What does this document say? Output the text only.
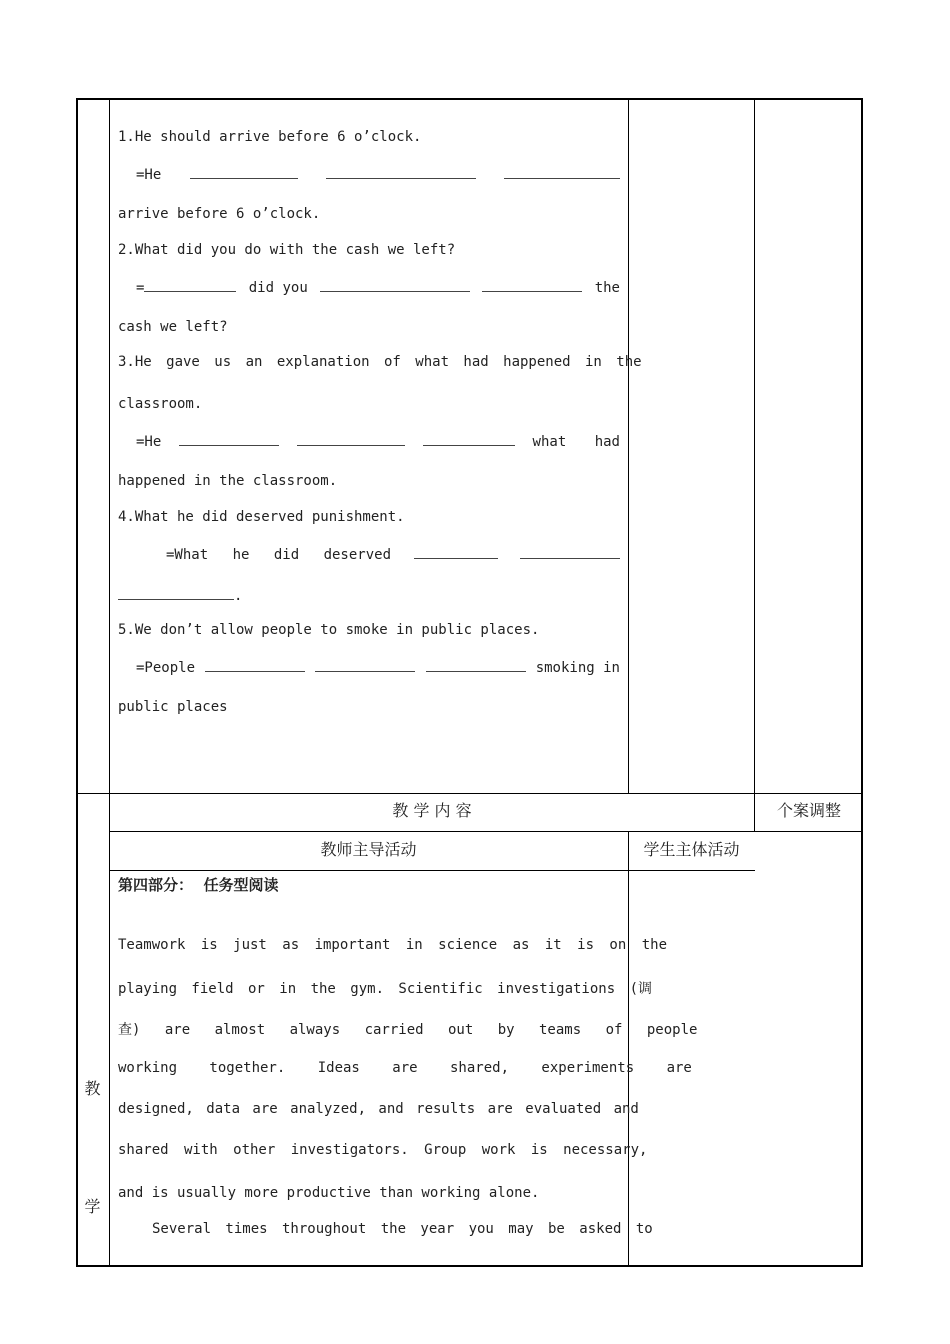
1.He should arrive before 6 o’clock.
=He
arrive before 6 o’clock.
2.What did you do with the cash we left?
=	did you	the
cash we left?
3.He gave us an explanation of what had happened in the
classroom.
=He	what had
happened in the classroom.
4.What he did deserved punishment.
=What he did deserved
.
5.We don’t allow people to smoke in public places.
=People	smoking in
public places
教 学 内 容	个案调整
教师主导活动	学生主体活动
教
学
第四部分：  任务型阅读
Teamwork is just as important in science as it is on the
playing field or in the gym. Scientific investigations (调
查) are almost always carried out by teams of people
working together. Ideas are shared, experiments are
designed, data are analyzed, and results are evaluated and
shared with other investigators. Group work is necessary,
and is usually more productive than working alone.
Several times throughout the year you may be asked to
